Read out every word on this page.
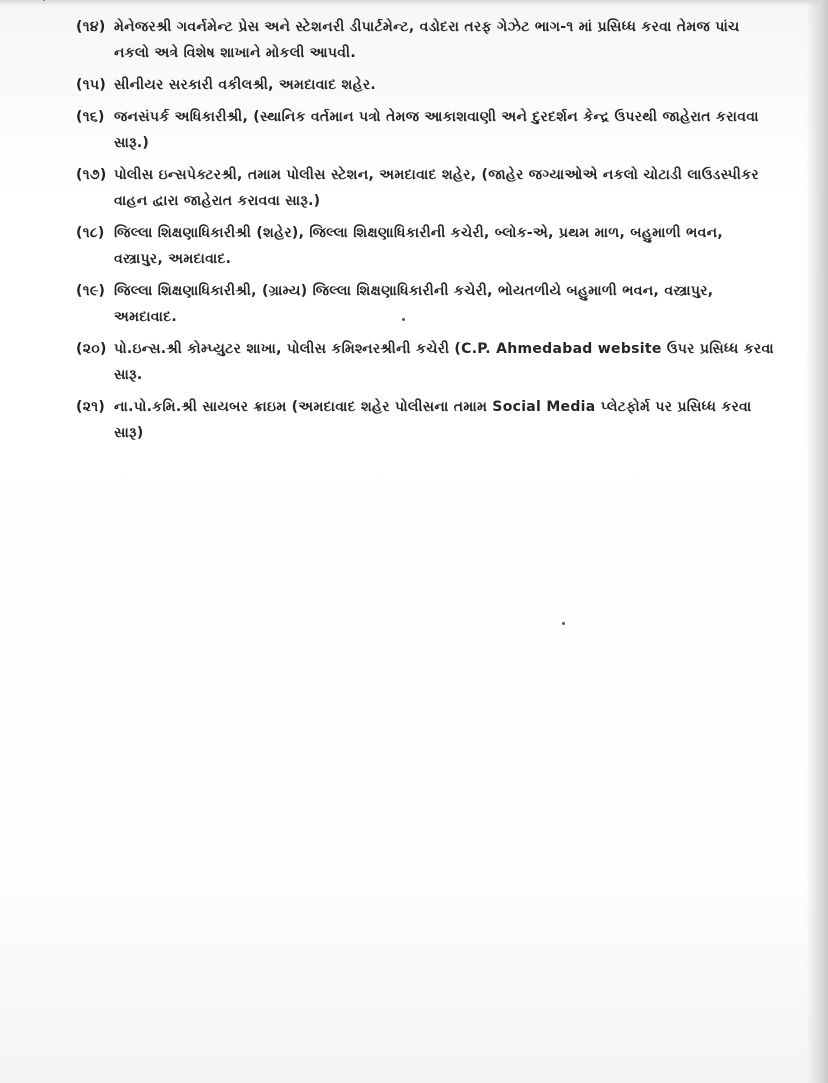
(૧૪) મેનેજરશ્રી ગવર્નમેન્ટ પ્રેસ અને સ્ટેશનરી ડીપાર્ટમેન્ટ, વડોદરા તરફ ગેઝેટ ભાગ-૧ માં પ્રસિધ્ધ કરવા તેમજ પાંચ નકલો અત્રે વિશેષ શાખાને મોકલી આપવી.
(૧૫) સીનીયર સરકારી વકીલશ્રી, અમદાવાદ શહેર.
(૧૬) જનસંપર્ક અધિકારીશ્રી, (સ્થાનિક વર્તમાન પત્રો તેમજ આકાશવાણી અને દુરદર્શન કેન્દ્ર ઉપરથી જાહેરાત કરાવવા સારૂ.)
(૧૭) પોલીસ ઇન્સપેક્ટરશ્રી, તમામ પોલીસ સ્ટેશન, અમદાવાદ શહેર, (જાહેર જગ્યાઓએ નકલો ચોટાડી લાઉડસ્પીકર વાહન દ્વારા જાહેરાત કરાવવા સારૂ.)
(૧૮) જિલ્લા શિક્ષણાધિકારીશ્રી (શહેર), જિલ્લા શિક્ષણાધિકારીની કચેરી, બ્લોક-એ, પ્રથમ માળ, બહુમાળી ભવન, વસ્ત્રાપુર, અમદાવાદ.
(૧૯) જિલ્લા શિક્ષણાધિકારીશ્રી, (ગ્રામ્ય) જિલ્લા શિક્ષણાધિકારીની કચેરી, ભોયતળીયે બહુમાળી ભવન, વસ્ત્રાપુર, અમદાવાદ.
(૨૦) પો.ઇન્સ.શ્રી કોમ્પ્યુટર શાખા, પોલીસ કમિશ્નરશ્રીની કચેરી (C.P. Ahmedabad website ઉપર પ્રસિધ્ધ કરવા સારૂ.
(૨૧) ના.પો.કમિ.શ્રી સાયબર ક્રાઇમ (અમદાવાદ શહેર પોલીસના તમામ Social Media પ્લેટફોર્મ પર પ્રસિધ્ધ કરવા સારૂ)
